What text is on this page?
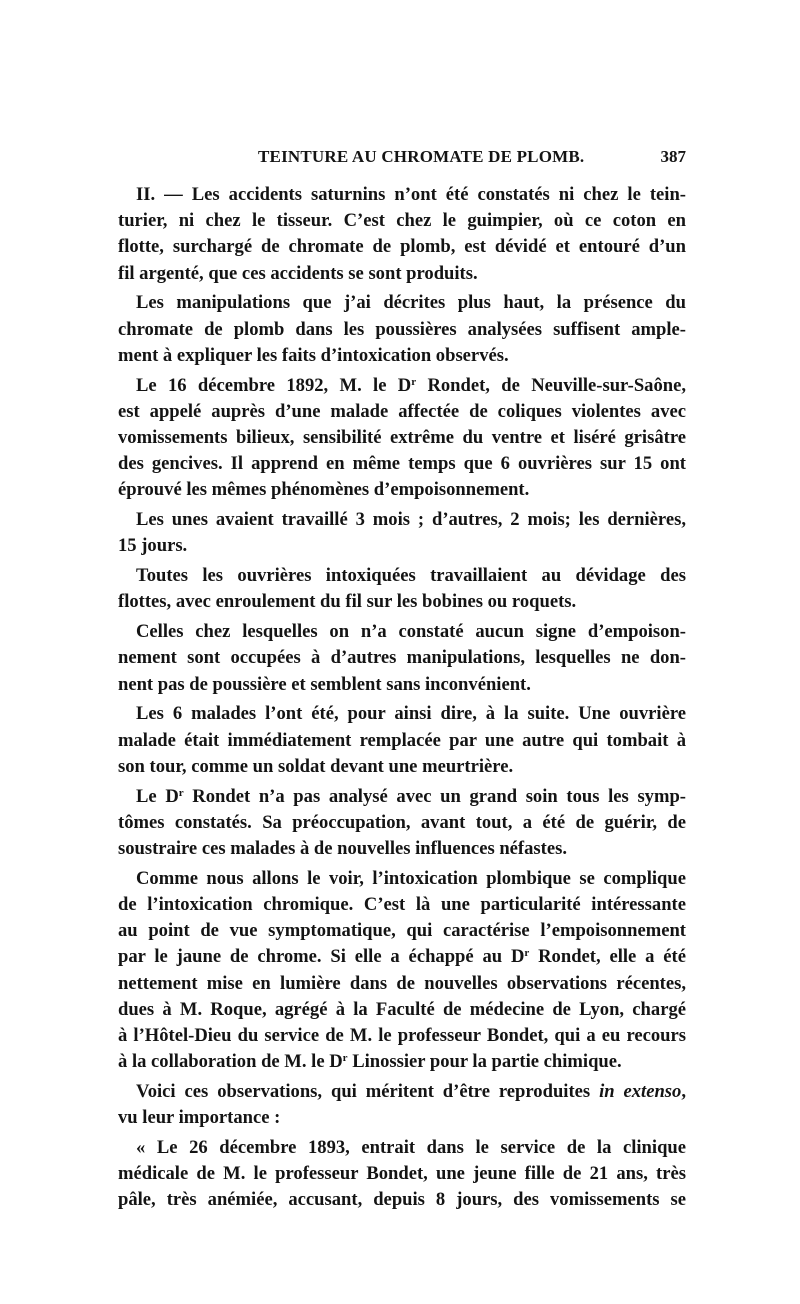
TEINTURE AU CHROMATE DE PLOMB.	387

II. — Les accidents saturnins n’ont été constatés ni chez le tein-

turier, ni chez le tisseur. C’est chez le guimpier, où ce coton en

flotte, surchargé de chromate de plomb, est dévidé et entouré d’un

fil argenté, que ces accidents se sont produits.

Les manipulations que j’ai décrites plus haut, la présence du

chromate de plomb dans les poussières analysées suffisent ample-

ment à expliquer les faits d’intoxication observés.

Le 16 décembre 1892, M. le $D^r$ Rondet, de Neuville-sur-Saône,

est appelé auprès d’une malade affectée de coliques violentes avec

vomissements bilieux, sensibilité extrême du ventre et liséré grisâtre

des gencives. Il apprend en même temps que 6 ouvrières sur 15 ont

éprouvé les mêmes phénomènes d’empoisonnement.

Les unes avaient travaillé 3 mois ; d’autres, 2 mois; les dernières,

15 jours.

Toutes les ouvrières intoxiquées travaillaient au dévidage des

flottes, avec enroulement du fil sur les bobines ou roquets.

Celles chez lesquelles on n’a constaté aucun signe d’empoison-

nement sont occupées à d’autres manipulations, lesquelles ne don-

nent pas de poussière et semblent sans inconvénient.

Les 6 malades l’ont été, pour ainsi dire, à la suite. Une ouvrière

malade était immédiatement remplacée par une autre qui tombait à

son tour, comme un soldat devant une meurtrière.

Le $D^r$ Rondet n’a pas analysé avec un grand soin tous les symp-

tômes constatés. Sa préoccupation, avant tout, a été de guérir, de

soustraire ces malades à de nouvelles influences néfastes.

Comme nous allons le voir, l’intoxication plombique se complique

de l’intoxication chromique. C’est là une particularité intéressante

au point de vue symptomatique, qui caractérise l’empoisonnement

par le jaune de chrome. Si elle a échappé au $D^r$ Rondet, elle a été

nettement mise en lumière dans de nouvelles observations récentes,

dues à M. Roque, agrégé à la Faculté de médecine de Lyon, chargé

à l’Hôtel-Dieu du service de M. le professeur Bondet, qui a eu recours

à la collaboration de M. le $D^r$ Linossier pour la partie chimique.

Voici ces observations, qui méritent d’être reproduites in extenso,

vu leur importance :

« Le 26 décembre 1893, entrait dans le service de la clinique

médicale de M. le professeur Bondet, une jeune fille de 21 ans, très

pâle, très anémiée, accusant, depuis 8 jours, des vomissements se
